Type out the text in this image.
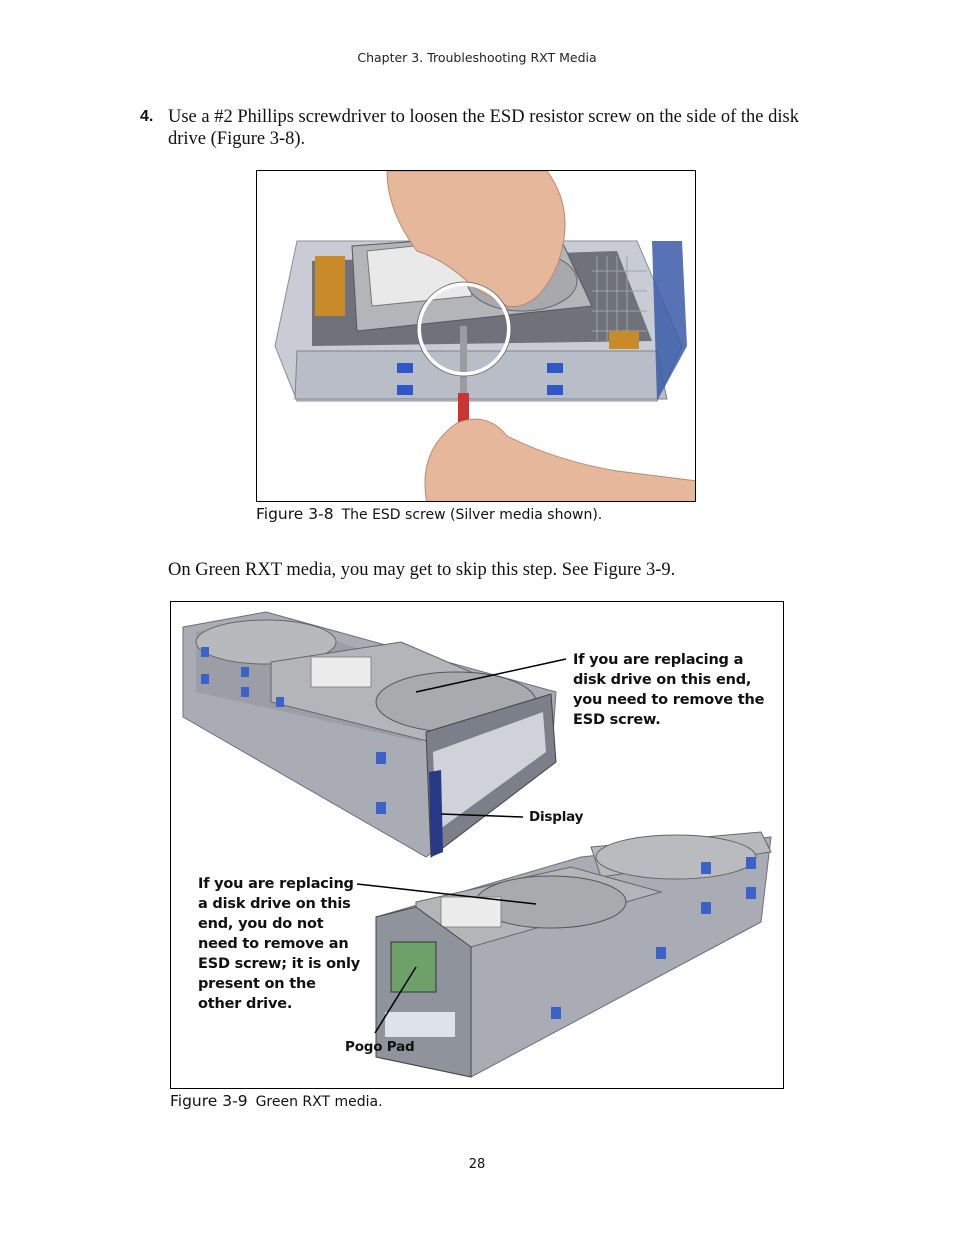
Chapter 3. Troubleshooting RXT Media
4. Use a #2 Phillips screwdriver to loosen the ESD resistor screw on the side of the disk drive (Figure 3-8).
Figure 3-8 The ESD screw (Silver media shown).
On Green RXT media, you may get to skip this step. See Figure 3-9.
If you are replacing a disk drive on this end, you need to remove the ESD screw.
Display
If you are replacing a disk drive on this end, you do not need to remove an ESD screw; it is only present on the other drive.
Pogo Pad
Figure 3-9 Green RXT media.
28
